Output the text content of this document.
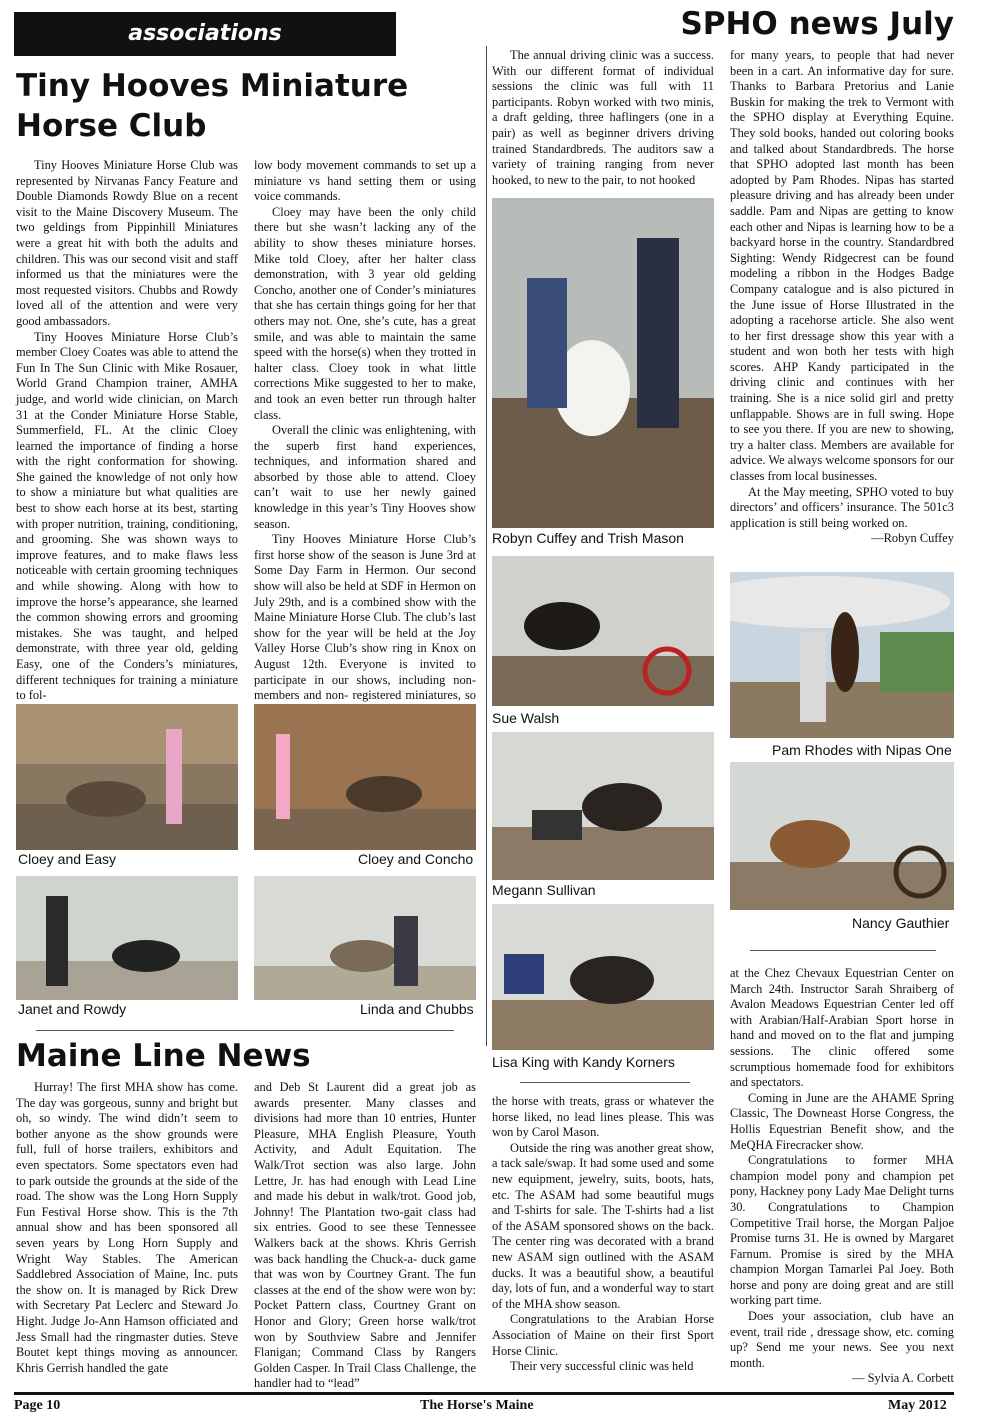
associations	SPHO news July
Tiny Hooves Miniature Horse Club

Tiny Hooves Miniature Horse Club was represented by Nirvanas Fancy Feature and Double Diamonds Rowdy Blue on a recent visit to the Maine Discovery Museum. The two geldings from Pippinhill Miniatures were a great hit with both the adults and children. This was our second visit and staff informed us that the miniatures were the most requested visitors. Chubbs and Rowdy loved all of the attention and were very good ambassadors.

Tiny Hooves Miniature Horse Club’s member Cloey Coates was able to attend the Fun In The Sun Clinic with Mike Rosauer, World Grand Champion trainer, AMHA judge, and world wide clinician, on March 31 at the Conder Miniature Horse Stable, Summerfield, FL. At the clinic Cloey learned the importance of finding a horse with the right conformation for showing. She gained the knowledge of not only how to show a miniature but what qualities are best to show each horse at its best, starting with proper nutrition, training, conditioning, and grooming. She was shown ways to improve features, and to make flaws less noticeable with certain grooming techniques and while showing. Along with how to improve the horse’s appearance, she learned the common showing errors and grooming mistakes. She was taught, and helped demonstrate, with three year old, gelding Easy, one of the Conders’s miniatures, different techniques for training a miniature to fol-

low body movement commands to set up a miniature vs hand setting them or using voice commands.

Cloey may have been the only child there but she wasn’t lacking any of the ability to show theses miniature horses. Mike told Cloey, after her halter class demonstration, with 3 year old gelding Concho, another one of Conder’s miniatures that she has certain things going for her that others may not. One, she’s cute, has a great smile, and was able to maintain the same speed with the horse(s) when they trotted in halter class. Cloey took in what little corrections Mike suggested to her to make, and took an even better run through halter class.

Overall the clinic was enlightening, with the superb first hand experiences, techniques, and information shared and absorbed by those able to attend. Cloey can’t wait to use her newly gained knowledge in this year’s Tiny Hooves show season.

Tiny Hooves Miniature Horse Club’s first horse show of the season is June 3rd at Some Day Farm in Hermon. Our second show will also be held at SDF in Hermon on July 29th, and is a combined show with the Maine Miniature Horse Club. The club’s last show for the year will be held at the Joy Valley Horse Club’s show ring in Knox on August 12th. Everyone is invited to participate in our shows, including non-members and non- registered miniatures, so

Cloey and Easy	Cloey and Concho
Janet and Rowdy	Linda and Chubbs

The annual driving clinic was a success. With our different format of individual sessions the clinic was full with 11 participants. Robyn worked with two minis, a draft gelding, three haflingers (one in a pair) as well as beginner drivers driving trained Standardbreds. The auditors saw a variety of training ranging from never hooked, to new to the pair, to not hooked

Robyn Cuffey and Trish Mason
Sue Walsh
Megann Sullivan
Lisa King with Kandy Korners

for many years, to people that had never been in a cart. An informative day for sure. Thanks to Barbara Pretorius and Lanie Buskin for making the trek to Vermont with the SPHO display at Everything Equine. They sold books, handed out coloring books and talked about Standardbreds. The horse that SPHO adopted last month has been adopted by Pam Rhodes. Nipas has started pleasure driving and has already been under saddle. Pam and Nipas are getting to know each other and Nipas is learning how to be a backyard horse in the country. Standardbred Sighting: Wendy Ridgecrest can be found modeling a ribbon in the Hodges Badge Company catalogue and is also pictured in the June issue of Horse Illustrated in the adopting a racehorse article. She also went to her first dressage show this year with a student and won both her tests with high scores. AHP Kandy participated in the driving clinic and continues with her training. She is a nice solid girl and pretty unflappable. Shows are in full swing. Hope to see you there. If you are new to showing, try a halter class. Members are available for advice. We always welcome sponsors for our classes from local businesses.

At the May meeting, SPHO voted to buy directors’ and officers’ insurance. The 501c3 application is still being worked on.

—Robyn Cuffey

Pam Rhodes with Nipas One
Nancy Gauthier
Maine Line News

Hurray! The first MHA show has come. The day was gorgeous, sunny and bright but oh, so windy. The wind didn’t seem to bother anyone as the show grounds were full, full of horse trailers, exhibitors and even spectators. Some spectators even had to park outside the grounds at the side of the road. The show was the Long Horn Supply Fun Festival Horse show. This is the 7th annual show and has been sponsored all seven years by Long Horn Supply and Wright Way Stables. The American Saddlebred Association of Maine, Inc. puts the show on. It is managed by Rick Drew with Secretary Pat Leclerc and Steward Jo Hight. Judge Jo-Ann Hamson officiated and Jess Small had the ringmaster duties. Steve Boutet kept things moving as announcer. Khris Gerrish handled the gate

and Deb St Laurent did a great job as awards presenter. Many classes and divisions had more than 10 entries, Hunter Pleasure, MHA English Pleasure, Youth Activity, and Adult Equitation. The Walk/Trot section was also large. John Lettre, Jr. has had enough with Lead Line and made his debut in walk/trot. Good job, Johnny! The Plantation two-gait class had six entries. Good to see these Tennessee Walkers back at the shows. Khris Gerrish was back handling the Chuck-a- duck game that was won by Courtney Grant. The fun classes at the end of the show were won by: Pocket Pattern class, Courtney Grant on Honor and Glory; Green horse walk/trot won by Southview Sabre and Jennifer Flanigan; Command Class by Rangers Golden Casper. In Trail Class Challenge, the handler had to “lead”

the horse with treats, grass or whatever the horse liked, no lead lines please. This was won by Carol Mason.

Outside the ring was another great show, a tack sale/swap. It had some used and some new equipment, jewelry, suits, boots, hats, etc. The ASAM had some beautiful mugs and T-shirts for sale. The T-shirts had a list of the ASAM sponsored shows on the back. The center ring was decorated with a brand new ASAM sign outlined with the ASAM ducks. It was a beautiful show, a beautiful day, lots of fun, and a wonderful way to start of the MHA show season.

Congratulations to the Arabian Horse Association of Maine on their first Sport Horse Clinic.

Their very successful clinic was held

at the Chez Chevaux Equestrian Center on March 24th. Instructor Sarah Shraiberg of Avalon Meadows Equestrian Center led off with Arabian/Half-Arabian Sport horse in hand and moved on to the flat and jumping sessions. The clinic offered some scrumptious homemade food for exhibitors and spectators.

Coming in June are the AHAME Spring Classic, The Downeast Horse Congress, the Hollis Equestrian Benefit show, and the MeQHA Firecracker show.

Congratulations to former MHA champion model pony and champion pet pony, Hackney pony Lady Mae Delight turns 30. Congratulations to Champion Competitive Trail horse, the Morgan Paljoe Promise turns 31. He is owned by Margaret Farnum. Promise is sired by the MHA champion Morgan Tamarlei Pal Joey. Both horse and pony are doing great and are still working part time.

Does your association, club have an event, trail ride , dressage show, etc. coming up? Send me your news. See you next month.

— Sylvia A. Corbett

Page 10	The Horse's Maine	May 2012
